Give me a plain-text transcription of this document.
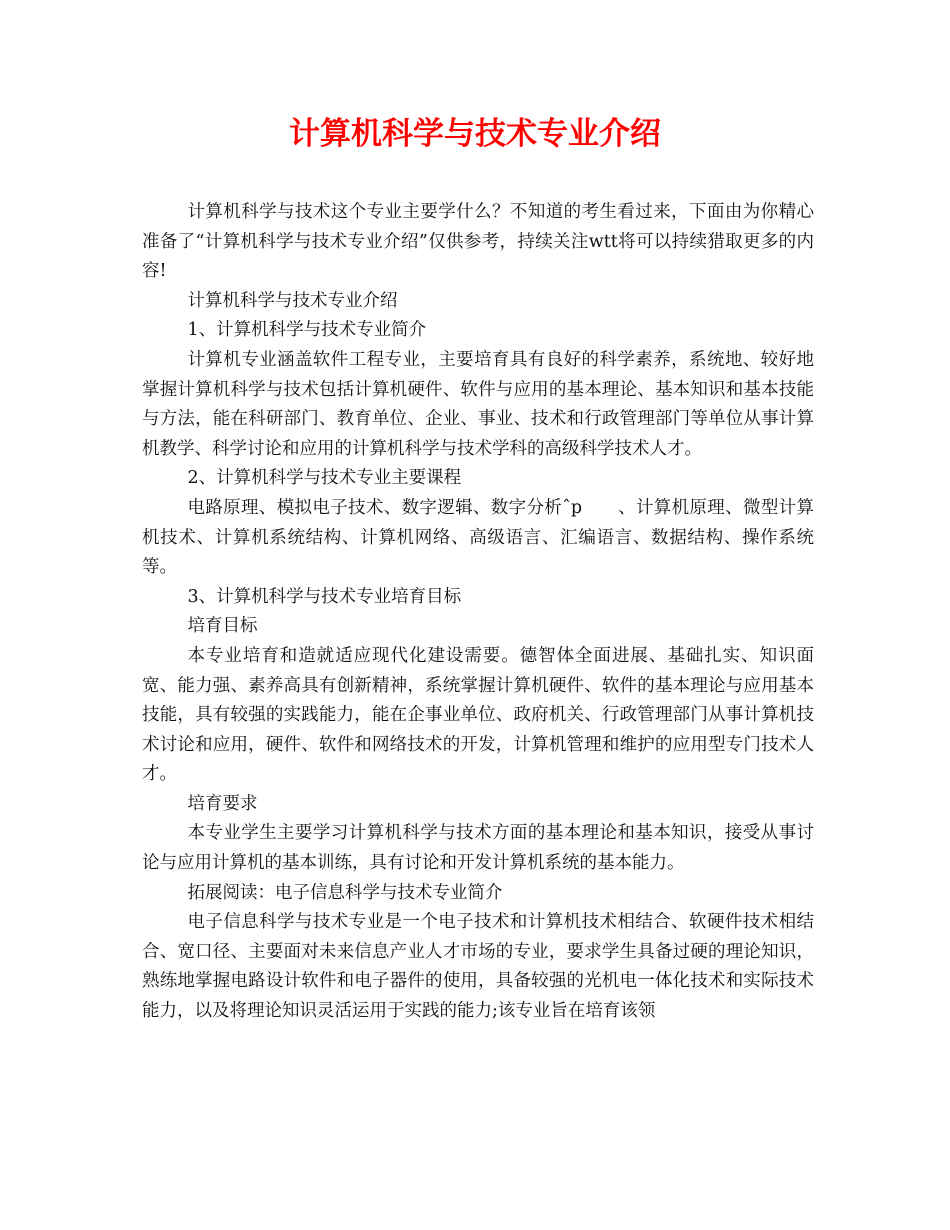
计算机科学与技术专业介绍

计算机科学与技术这个专业主要学什么？不知道的考生看过来，下面由为你精心准备了“计算机科学与技术专业介绍”仅供参考，持续关注wtt将可以持续猎取更多的内容!

计算机科学与技术专业介绍

1、计算机科学与技术专业简介

计算机专业涵盖软件工程专业，主要培育具有良好的科学素养，系统地、较好地掌握计算机科学与技术包括计算机硬件、软件与应用的基本理论、基本知识和基本技能与方法，能在科研部门、教育单位、企业、事业、技术和行政管理部门等单位从事计算机教学、科学讨论和应用的计算机科学与技术学科的高级科学技术人才。

2、计算机科学与技术专业主要课程

电路原理、模拟电子技术、数字逻辑、数字分析ˆp　　、计算机原理、微型计算机技术、计算机系统结构、计算机网络、高级语言、汇编语言、数据结构、操作系统等。

3、计算机科学与技术专业培育目标

培育目标

本专业培育和造就适应现代化建设需要。德智体全面进展、基础扎实、知识面宽、能力强、素养高具有创新精神，系统掌握计算机硬件、软件的基本理论与应用基本技能，具有较强的实践能力，能在企事业单位、政府机关、行政管理部门从事计算机技术讨论和应用，硬件、软件和网络技术的开发，计算机管理和维护的应用型专门技术人才。

培育要求

本专业学生主要学习计算机科学与技术方面的基本理论和基本知识，接受从事讨论与应用计算机的基本训练，具有讨论和开发计算机系统的基本能力。

拓展阅读：电子信息科学与技术专业简介

电子信息科学与技术专业是一个电子技术和计算机技术相结合、软硬件技术相结合、宽口径、主要面对未来信息产业人才市场的专业，要求学生具备过硬的理论知识，熟练地掌握电路设计软件和电子器件的使用，具备较强的光机电一体化技术和实际技术能力，以及将理论知识灵活运用于实践的能力;该专业旨在培育该领
